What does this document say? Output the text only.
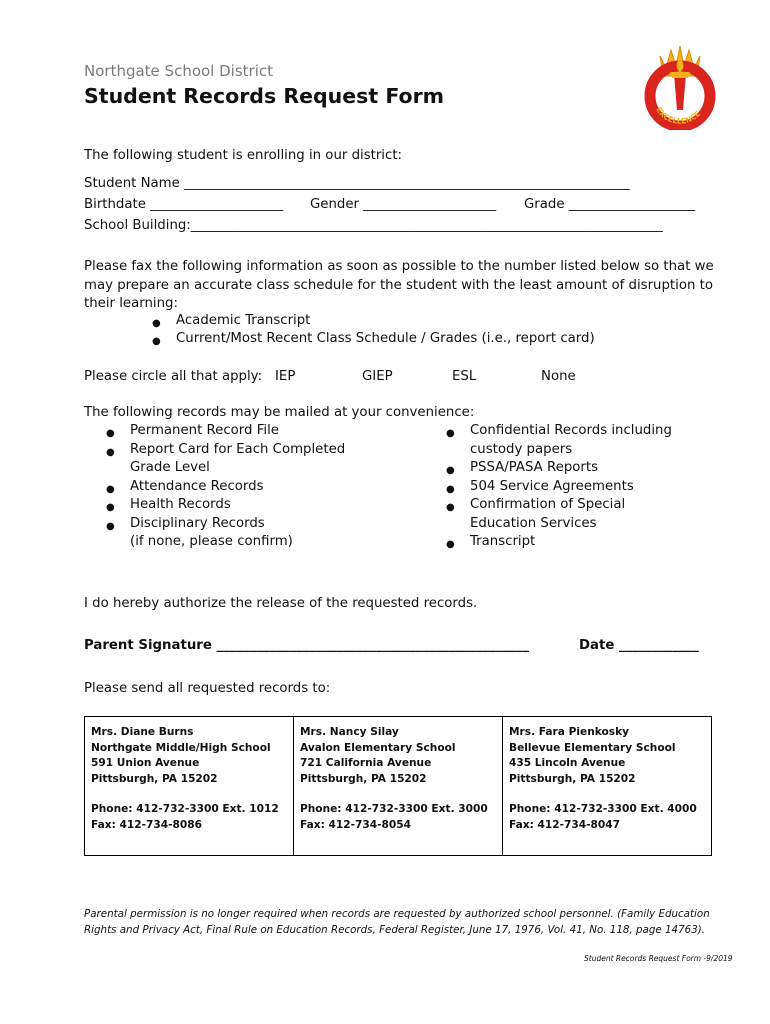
Northgate School District
Student Records Request Form
EXCELLENCE
The following student is enrolling in our district:
Student Name ___________________________________________________________________
Birthdate ____________________ Gender ____________________ Grade ___________________
School Building:_______________________________________________________________________
Please fax the following information as soon as possible to the number listed below so that we may prepare an accurate class schedule for the student with the least amount of disruption to their learning:
● Academic Transcript
● Current/Most Recent Class Schedule / Grades (i.e., report card)
Please circle all that apply: IEP	GIEP	ESL	None
The following records may be mailed at your convenience:
● Permanent Record File
● Report Card for Each Completed
Grade Level
● Attendance Records
● Health Records
● Disciplinary Records
(if none, please confirm)
● Confidential Records including
custody papers
● PSSA/PASA Reports
● 504 Service Agreements
● Confirmation of Special
Education Services
● Transcript
I do hereby authorize the release of the requested records.
Parent Signature _______________________________________________	Date ____________
Please send all requested records to:
Mrs. Diane Burns
Northgate Middle/High School
591 Union Avenue
Pittsburgh, PA 15202
Phone: 412-732-3300 Ext. 1012
Fax: 412-734-8086

Mrs. Nancy Silay
Avalon Elementary School
721 California Avenue
Pittsburgh, PA 15202
Phone: 412-732-3300 Ext. 3000
Fax: 412-734-8054

Mrs. Fara Pienkosky
Bellevue Elementary School
435 Lincoln Avenue
Pittsburgh, PA 15202
Phone: 412-732-3300 Ext. 4000
Fax: 412-734-8047
Parental permission is no longer required when records are requested by authorized school personnel. (Family Education Rights and Privacy Act, Final Rule on Education Records, Federal Register, June 17, 1976, Vol. 41, No. 118, page 14763).
Student Records Request Form -9/2019
